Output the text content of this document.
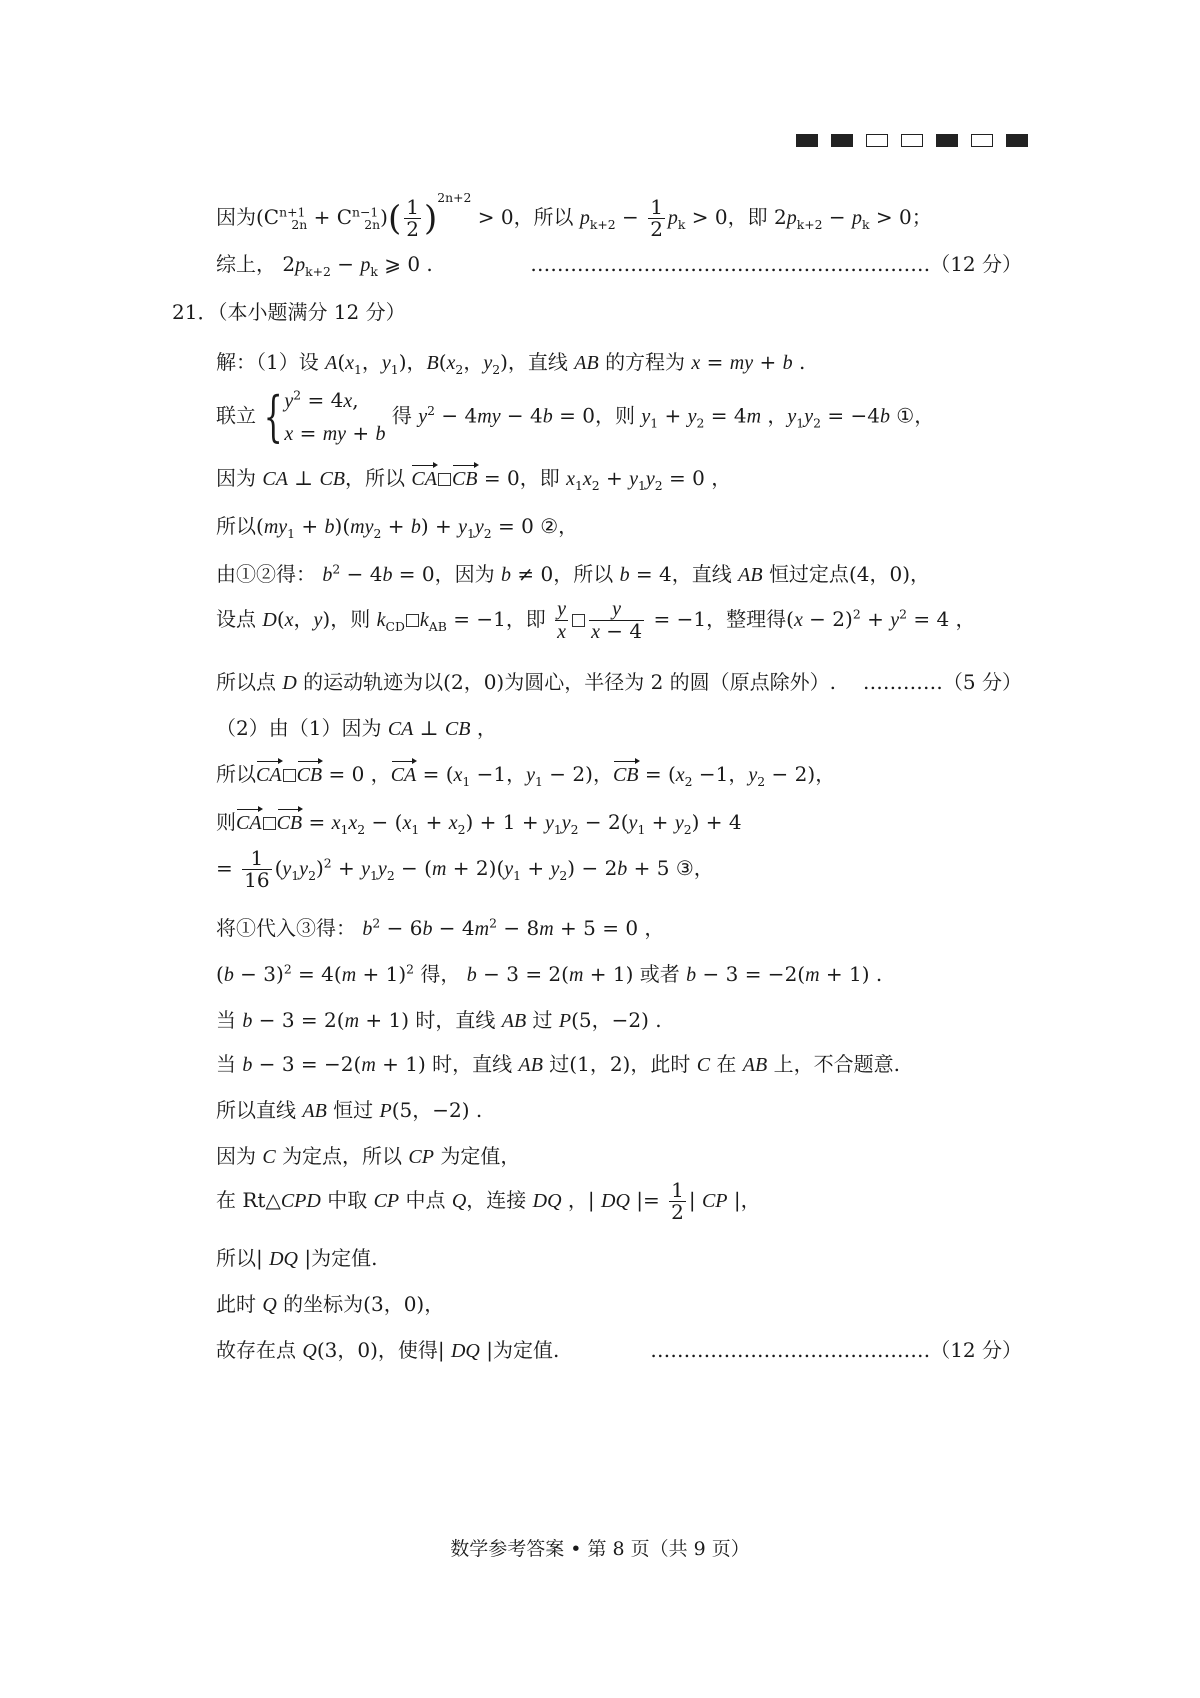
因为$(C^{n+1}_{2n} + C^{n-1}_{2n})( \frac{1}{2} )^{2n+2} > 0$，所以 $p_{k+2} - \frac{1}{2} p_k > 0$，即 $2p_{k+2} - p_k > 0$；
综上， $2p_{k+2} - p_k$ ⩾ 0 .	……………………………………………………（12 分）
21．（本小题满分 12 分）
解：（1）设 $A(x_1$，$y_1$)，$B(x_2$，$y_2$)，直线 AB 的方程为 x = my + b .
联立 { $y^2 = 4x$,
x = my + b
得 $y^2 - 4my - 4b = 0$，则 $y_1 + y_2 = 4m$ ，$y_1y_2 = -4b$ ①，
因为 CA ⊥ CB，所以 CA CB = 0，即 $x_1x_2 + y_1y_2 = 0$ ，
所以$(my_1 + b)(my_2 + b) + y_1y_2 = 0$ ②，
由①②得： $b^2 - 4b = 0$，因为 b ≠ 0，所以 b = 4，直线 AB 恒过定点(4，0)，
设点 D(x，y)，则 $k_{CD}$ $k_{AB} = -1$，即 $\frac{y}{x} \frac{y}{x - 4} = -1$，整理得$(x - 2)^2 + y^2 = 4$ ，
所以点 D 的运动轨迹为以(2，0)为圆心，半径为 2 的圆（原点除外）. …………（5 分）
（2）由（1）因为 CA ⊥ CB ，
所以CA CB = 0 ，CA = ($x_1 -1$，$y_1 - 2$)，CB = ($x_2 -1$，$y_2 - 2$)，
则CA CB = $x_1x_2 - (x_1 + x_2) + 1 + y_1y_2 - 2(y_1 + y_2) + 4$
= $\frac{1}{16} (y_1y_2)^2 + y_1y_2 - (m + 2)(y_1 + y_2) - 2b + 5$ ③，
将①代入③得： $b^2 - 6b - 4m^2 - 8m + 5 = 0$ ，
$(b - 3)^2 = 4(m + 1)^2$ 得， b − 3 = 2(m + 1) 或者 b − 3 = −2(m + 1) .
当 b − 3 = 2(m + 1) 时，直线 AB 过 P(5，−2) .
当 b − 3 = −2(m + 1) 时，直线 AB 过(1，2)，此时 C 在 AB 上，不合题意.
所以直线 AB 恒过 P(5，−2) .
因为 C 为定点，所以 CP 为定值，
在 Rt△CPD 中取 CP 中点 Q，连接 DQ ，| DQ |= $\frac{1}{2}$ | CP |，
所以| DQ |为定值.
此时 Q 的坐标为(3，0)，
故存在点 Q(3，0)，使得| DQ |为定值.	……………………………………（12 分）
数学参考答案 • 第 8 页（共 9 页）
